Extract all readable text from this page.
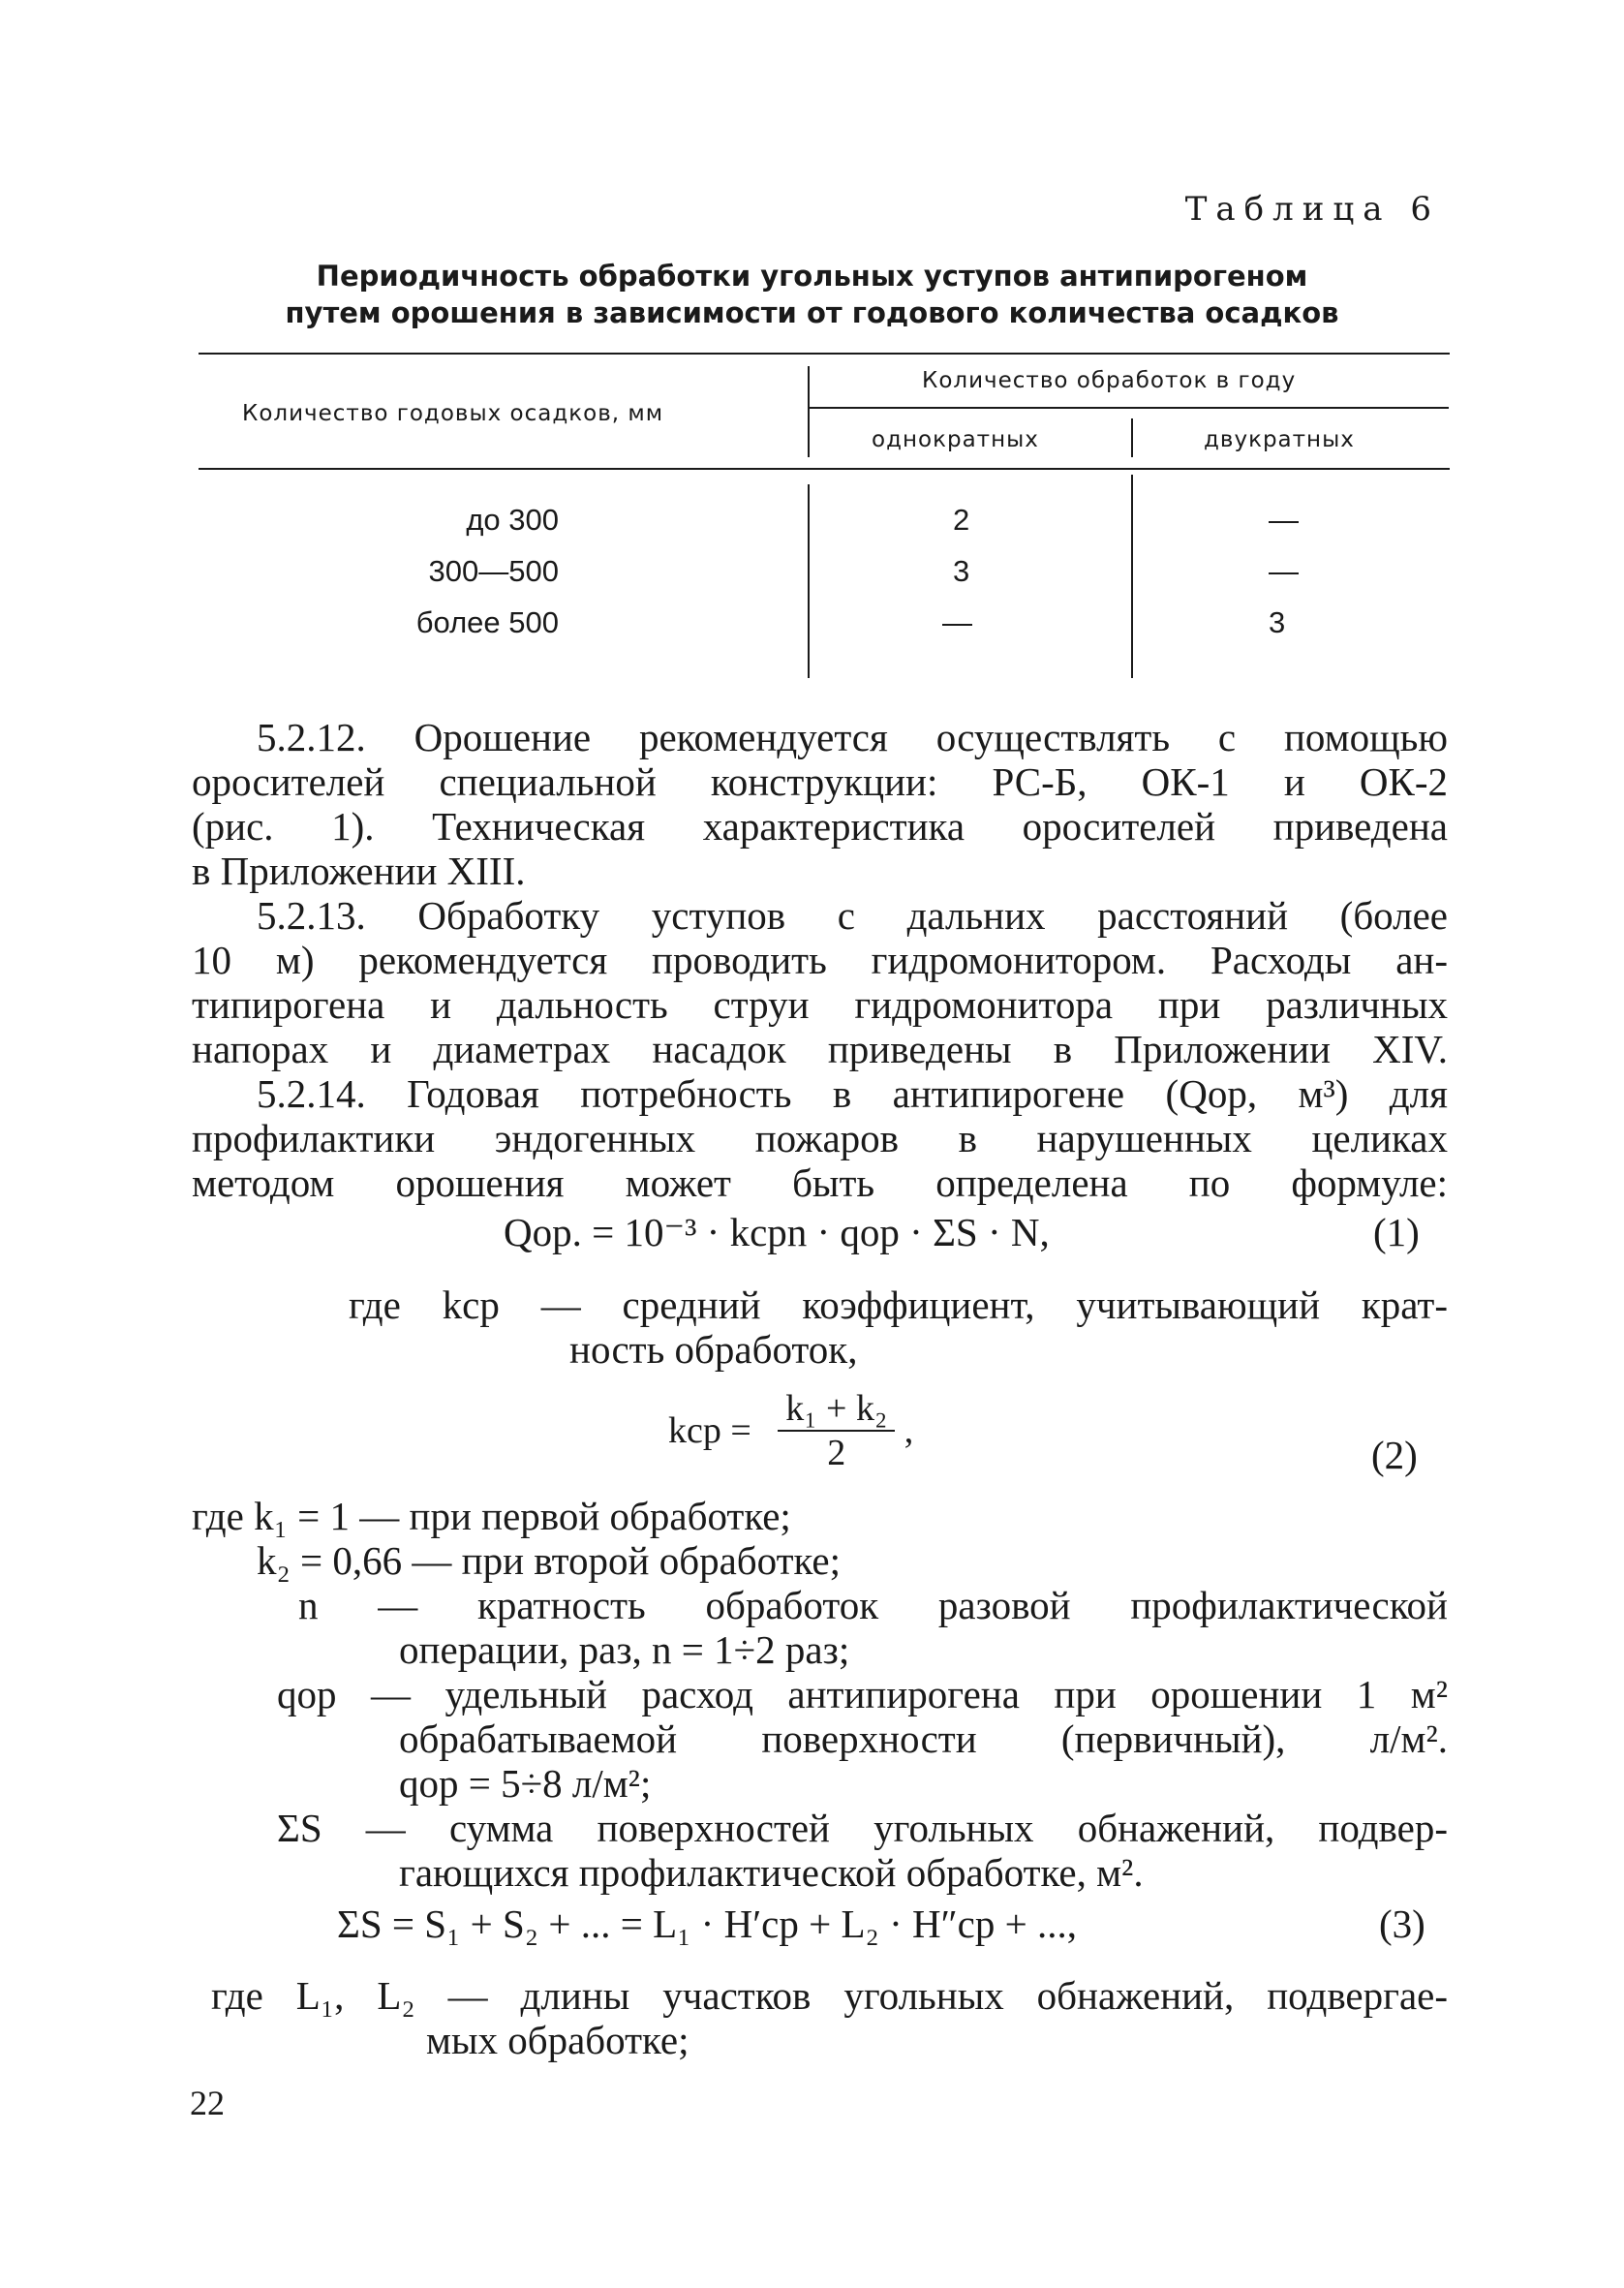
Таблица 6
Периодичность обработки угольных уступов антипирогеном
путем орошения в зависимости от годового количества осадков
Количество годовых осадков, мм
Количество обработок в году
однократных	двукратных
до 300	2	—
300—500	3	—
более 500	—	3
5.2.12. Орошение рекомендуется осуществлять с помощью
оросителей специальной конструкции: РС-Б, ОК-1 и ОК-2
(рис. 1). Техническая характеристика оросителей приведена
в Приложении XIII.
5.2.13. Обработку уступов с дальних расстояний (более
10 м) рекомендуется проводить гидромонитором. Расходы ан-
типирогена и дальность струи гидромонитора при различных
напорах и диаметрах насадок приведены в Приложении XIV.
5.2.14. Годовая потребность в антипирогене (Qор, м³) для
профилактики эндогенных пожаров в нарушенных целиках
методом орошения может быть определена по формуле:
Qор. = 10⁻³ · kсрn · qор · ΣS · N,	(1)
где kср — средний коэффициент, учитывающий крат-
ность обработок,
kср = $\frac{\text{k₁ + k₂}}{2}$ ,
(2)
где k₁ = 1 — при первой обработке;
k₂ = 0,66 — при второй обработке;
n — кратность обработок разовой профилактической
операции, раз, n = 1÷2 раз;
qор — удельный расход антипирогена при орошении 1 м²
обрабатываемой поверхности (первичный), л/м².
qор = 5÷8 л/м²;
ΣS — сумма поверхностей угольных обнажений, подвер-
гающихся профилактической обработке, м².
ΣS = S₁ + S₂ + ... = L₁ · H′ср + L₂ · H″ср + ...,	(3)
где L₁, L₂ — длины участков угольных обнажений, подвергае-
мых обработке;
22
